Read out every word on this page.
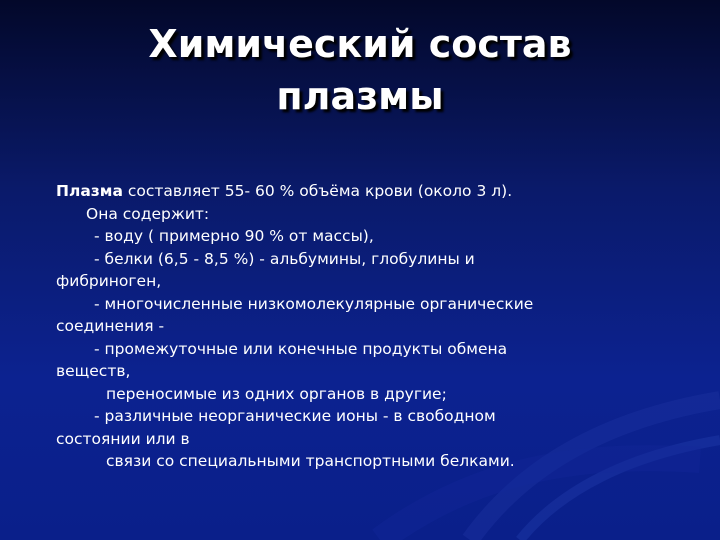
Химический состав
плазмы
Плазма составляет 55- 60 % объёма крови (около 3 л).
Она содержит:
- воду ( примерно 90 % от массы),
- белки (6,5 - 8,5 %) - альбумины, глобулины и
фибриноген,
- многочисленные низкомолекулярные органические
соединения -
- промежуточные или конечные продукты обмена
веществ,
переносимые из одних органов в другие;
- различные неорганические ионы - в свободном
состоянии или в
связи со специальными транспортными белками.
